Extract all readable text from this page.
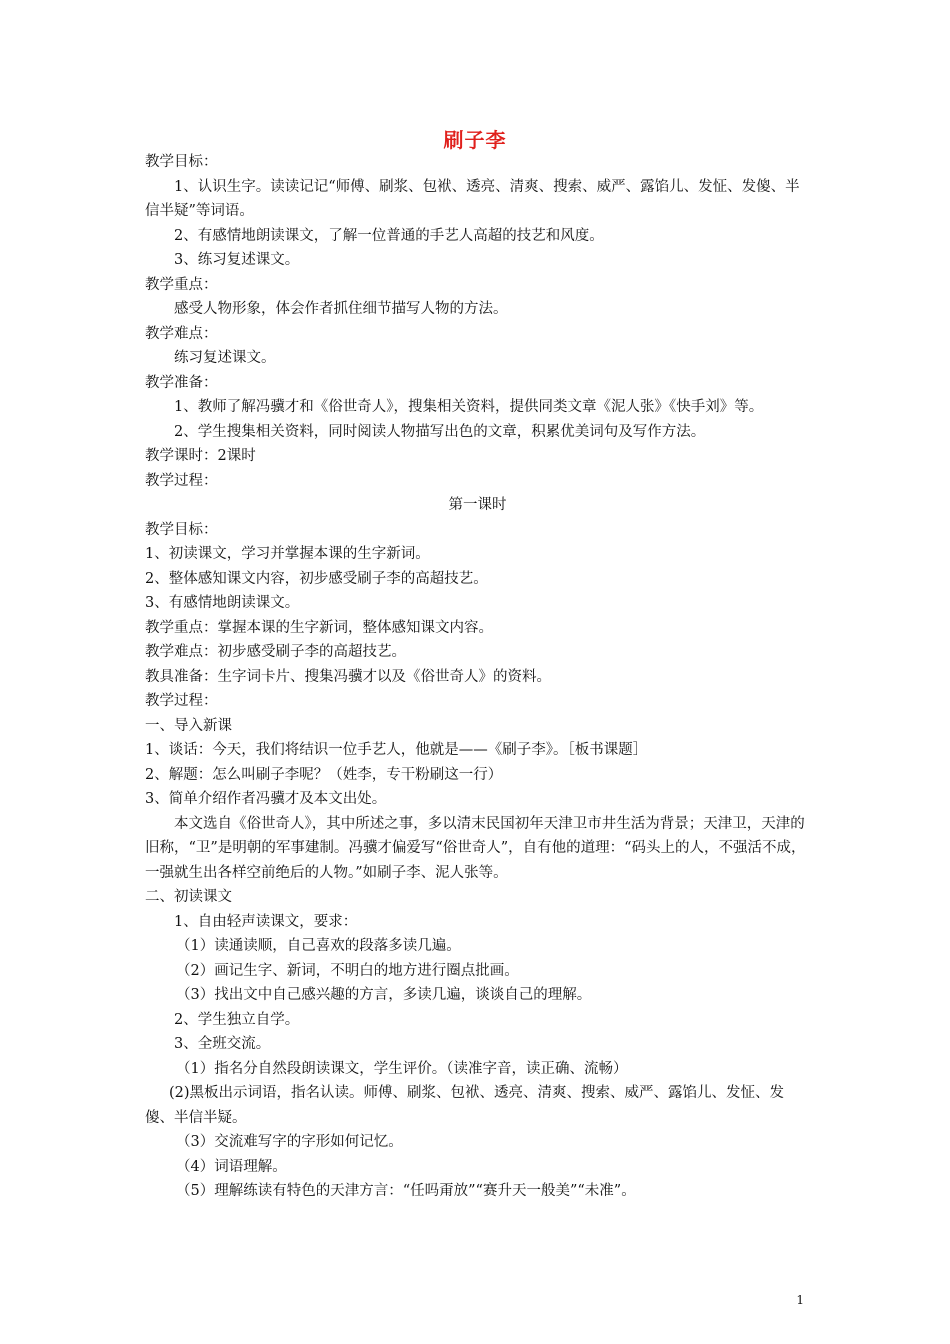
刷子李

教学目标：

1、认识生字。读读记记“师傅、刷浆、包袱、透亮、清爽、搜索、威严、露馅儿、发怔、发傻、半信半疑”等词语。

2、有感情地朗读课文，了解一位普通的手艺人高超的技艺和风度。

3、练习复述课文。

教学重点：

感受人物形象，体会作者抓住细节描写人物的方法。

教学难点：

练习复述课文。

教学准备：

1、教师了解冯骥才和《俗世奇人》，搜集相关资料，提供同类文章《泥人张》《快手刘》等。

2、学生搜集相关资料，同时阅读人物描写出色的文章，积累优美词句及写作方法。

教学课时：2课时

教学过程：

第一课时

教学目标：

1、初读课文，学习并掌握本课的生字新词。

2、整体感知课文内容，初步感受刷子李的高超技艺。

3、有感情地朗读课文。

教学重点：掌握本课的生字新词，整体感知课文内容。

教学难点：初步感受刷子李的高超技艺。

教具准备：生字词卡片、搜集冯骥才以及《俗世奇人》的资料。

教学过程：

一、导入新课

1、谈话：今天，我们将结识一位手艺人，他就是——《刷子李》。［板书课题］

2、解题：怎么叫刷子李呢？（姓李，专干粉刷这一行）

3、简单介绍作者冯骥才及本文出处。

本文选自《俗世奇人》，其中所述之事，多以清末民国初年天津卫市井生活为背景；天津卫，天津的旧称，“卫”是明朝的军事建制。冯骥才偏爱写“俗世奇人”，自有他的道理：“码头上的人，不强活不成，一强就生出各样空前绝后的人物。”如刷子李、泥人张等。

二、初读课文

1、自由轻声读课文，要求：

（1）读通读顺，自己喜欢的段落多读几遍。

（2）画记生字、新词，不明白的地方进行圈点批画。

（3）找出文中自己感兴趣的方言，多读几遍，谈谈自己的理解。

2、学生独立自学。

3、全班交流。

（1）指名分自然段朗读课文，学生评价。（读准字音，读正确、流畅）

(2)黑板出示词语，指名认读。师傅、刷浆、包袱、透亮、清爽、搜索、威严、露馅儿、发怔、发傻、半信半疑。

（3）交流难写字的字形如何记忆。

（4）词语理解。

（5）理解练读有特色的天津方言：“任吗甭放”“赛升天一般美”“未准”。

1
